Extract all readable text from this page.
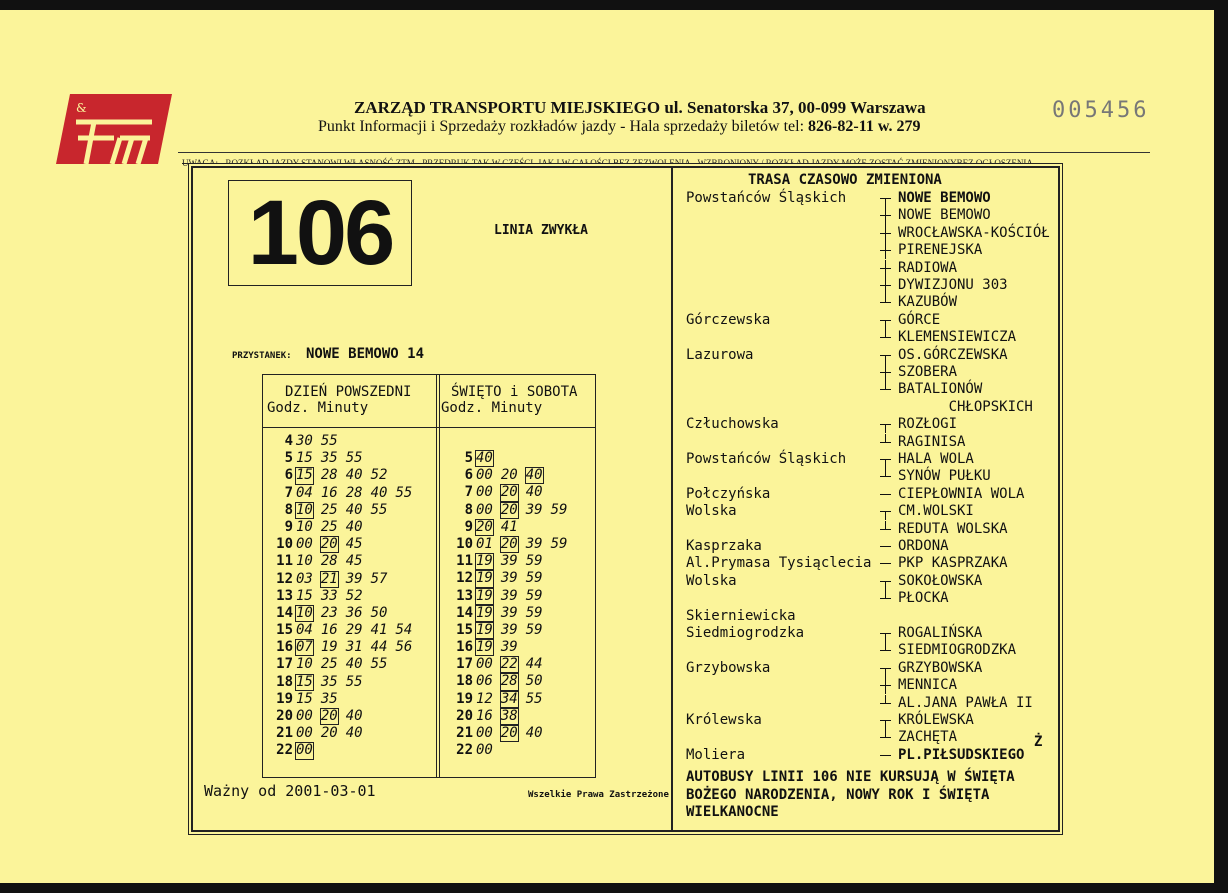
&	ZARZĄD TRANSPORTU MIEJSKIEGO ul. Senatorska 37, 00-099 Warszawa
Punkt Informacji i Sprzedaży rozkładów jazdy - Hala sprzedaży biletów tel: 826-82-11 w. 279
005456
UWAGA: - ROZKŁAD JAZDY STANOWI WŁASNOŚĆ ZTM - PRZEDRUK TAK W CZĘŚCI, JAK I W CAŁOŚCI BEZ ZEZWOLENIA - WZBRONIONY / ROZKŁAD JAZDY MOŻE ZOSTAĆ ZMIENIONYBEZ OGŁOSZENIA
106	LINIA ZWYKŁA
PRZYSTANEK: NOWE BEMOWO 14
DZIEŃ POWSZEDNI
Godz. Minuty
ŚWIĘTO i SOBOTA
Godz. Minuty
4 30 55
5 15 35 55
6 15 28 40 52
7 04 16 28 40 55
8 10 25 40 55
9 10 25 40
10 00 20 45
11 10 28 45
12 03 21 39 57
13 15 33 52
14 10 23 36 50
15 04 16 29 41 54
16 07 19 31 44 56
17 10 25 40 55
18 15 35 55
19 15 35
20 00 20 40
21 00 20 40
22 00
5 40
6 00 20 40
7 00 20 40
8 00 20 39 59
9 20 41
10 01 20 39 59
11 19 39 59
12 19 39 59
13 19 39 59
14 19 39 59
15 19 39 59
16 19 39
17 00 22 44
18 06 28 50
19 12 34 55
20 16 38
21 00 20 40
22 00
Ważny od 2001-03-01	Wszelkie Prawa Zastrzeżone
TRASA CZASOWO ZMIENIONA
Powstańców Śląskich	NOWE BEMOWO
NOWE BEMOWO
WROCŁAWSKA-KOŚCIÓŁ
PIRENEJSKA
RADIOWA
DYWIZJONU 303
KAZUBÓW
Górczewska	GÓRCE
KLEMENSIEWICZA
Lazurowa	OS.GÓRCZEWSKA
SZOBERA
BATALIONÓW
CHŁOPSKICH
Człuchowska	ROZŁOGI
RAGINISA
Powstańców Śląskich	HALA WOLA
SYNÓW PUŁKU
Połczyńska	CIEPŁOWNIA WOLA
Wolska	CM.WOLSKI
REDUTA WOLSKA
Kasprzaka	ORDONA
Al.Prymasa Tysiąclecia	PKP KASPRZAKA
Wolska	SOKOŁOWSKA
PŁOCKA
Skierniewicka
Siedmiogrodzka	ROGALIŃSKA
SIEDMIOGRODZKA
Grzybowska	GRZYBOWSKA
MENNICA
AL.JANA PAWŁA II
Królewska	KRÓLEWSKA
ZACHĘTA
Moliera	PL.PIŁSUDSKIEGO
Ż
AUTOBUSY LINII 106 NIE KURSUJĄ W ŚWIĘTA BOŻEGO NARODZENIA, NOWY ROK I ŚWIĘTA WIELKANOCNE
